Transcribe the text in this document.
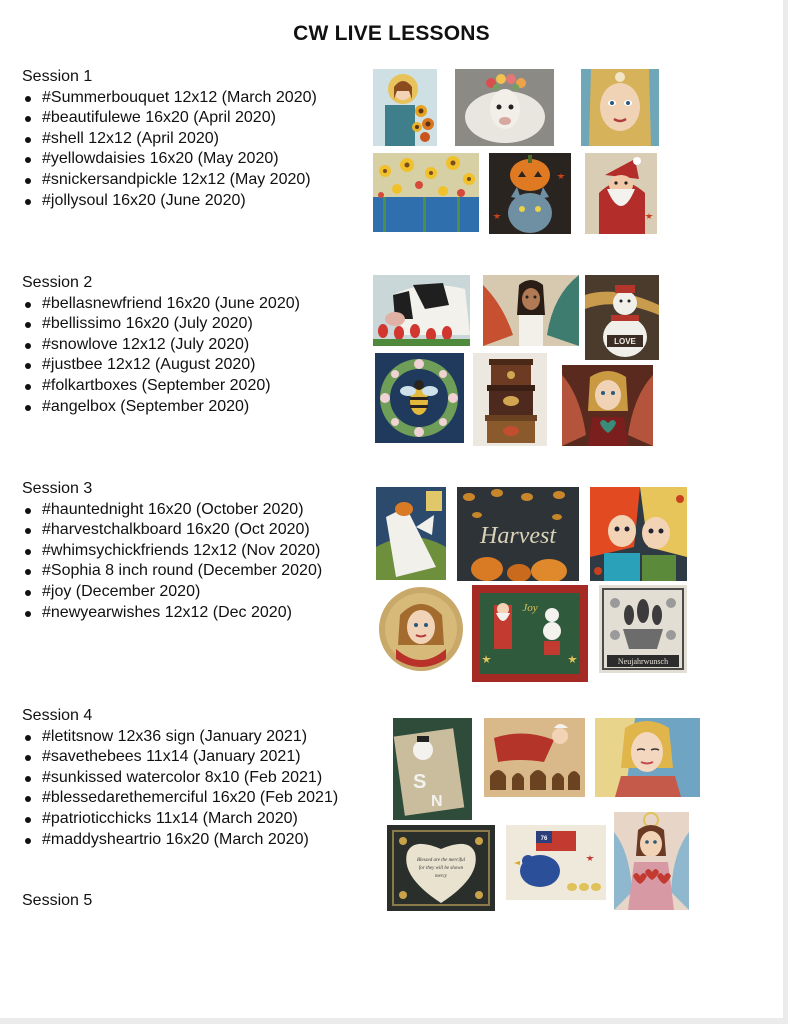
CW LIVE LESSONS
Session 1
#Summerbouquet 12x12 (March 2020)
#beautifulewe 16x20 (April 2020)
#shell 12x12 (April 2020)
#yellowdaisies 16x20 (May 2020)
#snickersandpickle 12x12 (May 2020)
#jollysoul 16x20 (June 2020)
Session 2
#bellasnewfriend 16x20 (June 2020)
#bellissimo 16x20 (July 2020)
#snowlove 12x12 (July 2020)
#justbee 12x12 (August 2020)
#folkartboxes (September 2020)
#angelbox (September 2020)
Session 3
#hauntednight 16x20 (October 2020)
#harvestchalkboard 16x20 (Oct 2020)
#whimsychickfriends 12x12 (Nov 2020)
#Sophia 8 inch round (December 2020)
#joy (December 2020)
#newyearwishes 12x12 (Dec 2020)
Session 4
#letitsnow 12x36 sign (January 2021)
#savethebees 11x14 (January 2021)
#sunkissed watercolor 8x10 (Feb 2021)
#blessedarethemerciful 16x20 (Feb 2021)
#patrioticchicks 11x14 (March 2020)
#maddysheartrio 16x20 (March 2020)
Session 5
LOVE
Harvest
Joy
Neujahrwunsch
S
N
Blessed are the merciful
for they will be shown
mercy
76
